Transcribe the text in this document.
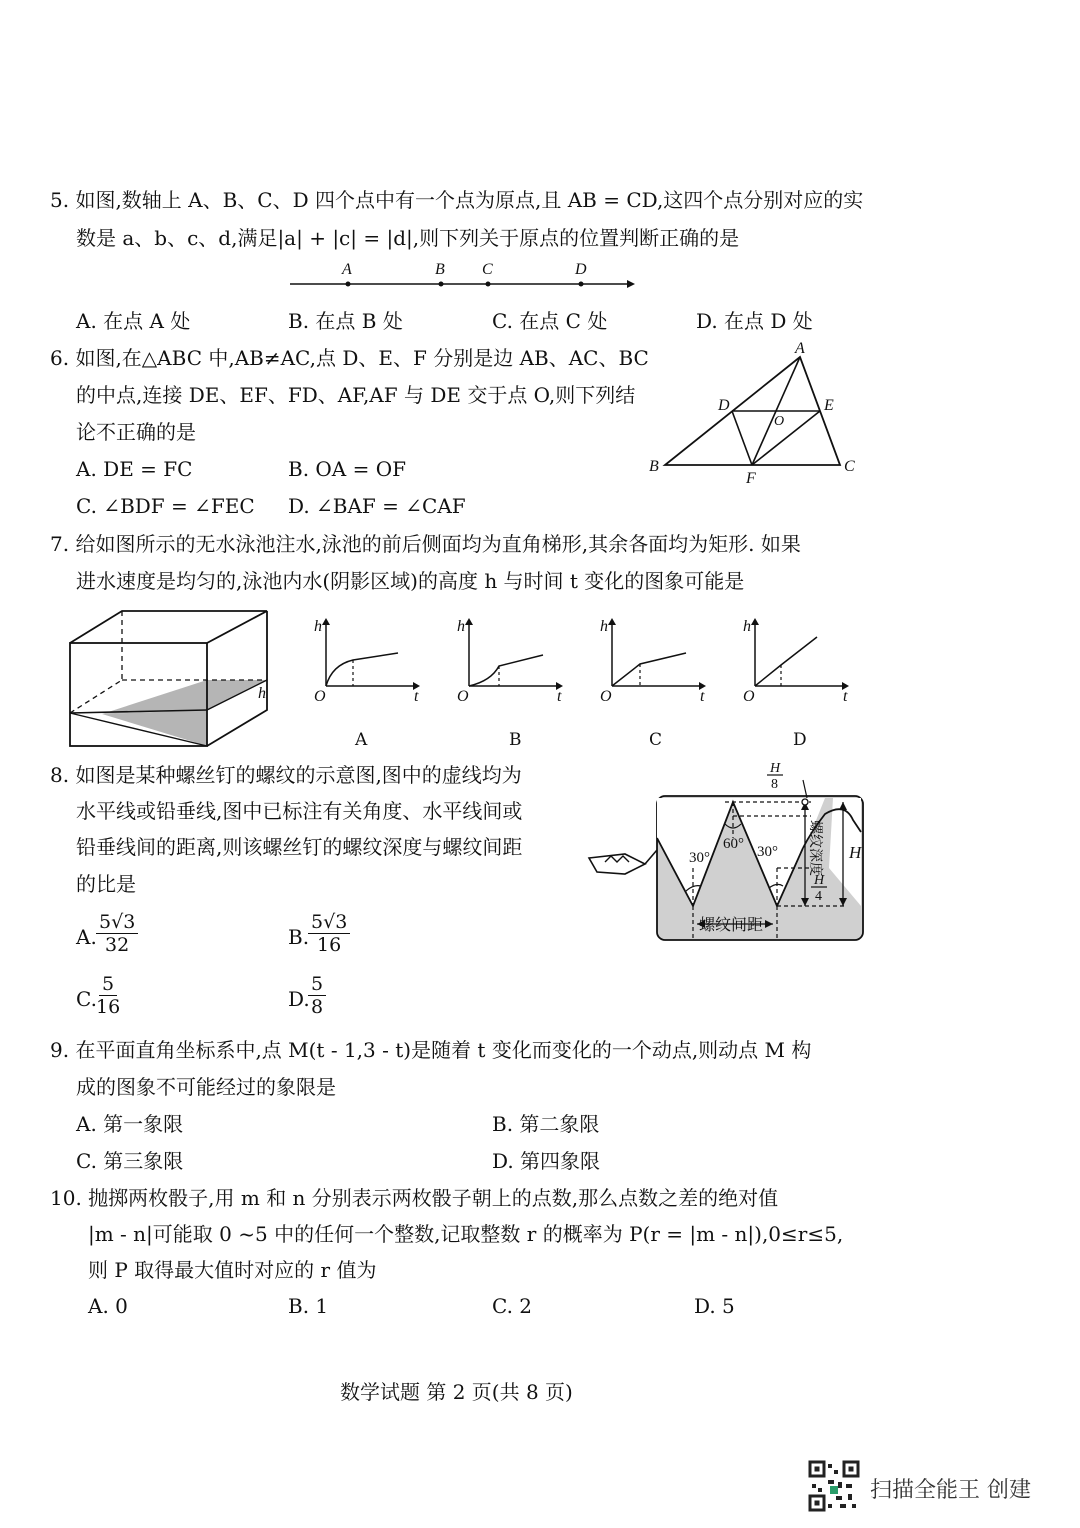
5. 如图,数轴上 A、B、C、D 四个点中有一个点为原点,且 AB = CD,这四个点分别对应的实
数是 a、b、c、d,满足|a| + |c| = |d|,则下列关于原点的位置判断正确的是
A	B C	D
A. 在点 A 处	B. 在点 B 处	C. 在点 C 处	D. 在点 D 处
6. 如图,在△ABC 中,AB≠AC,点 D、E、F 分别是边 AB、AC、BC
的中点,连接 DE、EF、FD、AF,AF 与 DE 交于点 O,则下列结
论不正确的是
A. DE = FC	B. OA = OF
C. ∠BDF = ∠FEC D. ∠BAF = ∠CAF
A
B	C
D	E
F
O
7. 给如图所示的无水泳池注水,泳池的前后侧面均为直角梯形,其余各面均为矩形. 如果
进水速度是均匀的,泳池内水(阴影区域)的高度 h 与时间 t 变化的图象可能是
h
h
t
O
h
t
O
h
t
O
h
t
O
A	B	C	D
8. 如图是某种螺丝钉的螺纹的示意图,图中的虚线均为
水平线或铅垂线,图中已标注有关角度、水平线间或
铅垂线间的距离,则该螺丝钉的螺纹深度与螺纹间距
的比是
A. $\frac{5√3}{32}$	B.
$\frac{5√3}{16}$
C. $\frac{5}{16}$	D.
$\frac{5}{8}$
H
8
30°
60° 30° 螺纹深度
H
4
H
螺纹间距
9. 在平面直角坐标系中,点 M(t - 1,3 - t)是随着 t 变化而变化的一个动点,则动点 M 构
成的图象不可能经过的象限是
A. 第一象限	B. 第二象限
C. 第三象限	D. 第四象限
10. 抛掷两枚骰子,用 m 和 n 分别表示两枚骰子朝上的点数,那么点数之差的绝对值
|m - n|可能取 0 ~5 中的任何一个整数,记取整数 r 的概率为 P(r = |m - n|),0≤r≤5,
则 P 取得最大值时对应的 r 值为
A. 0	B. 1	C. 2	D. 5
数学试题 第 2 页(共 8 页)
扫描全能王 创建
